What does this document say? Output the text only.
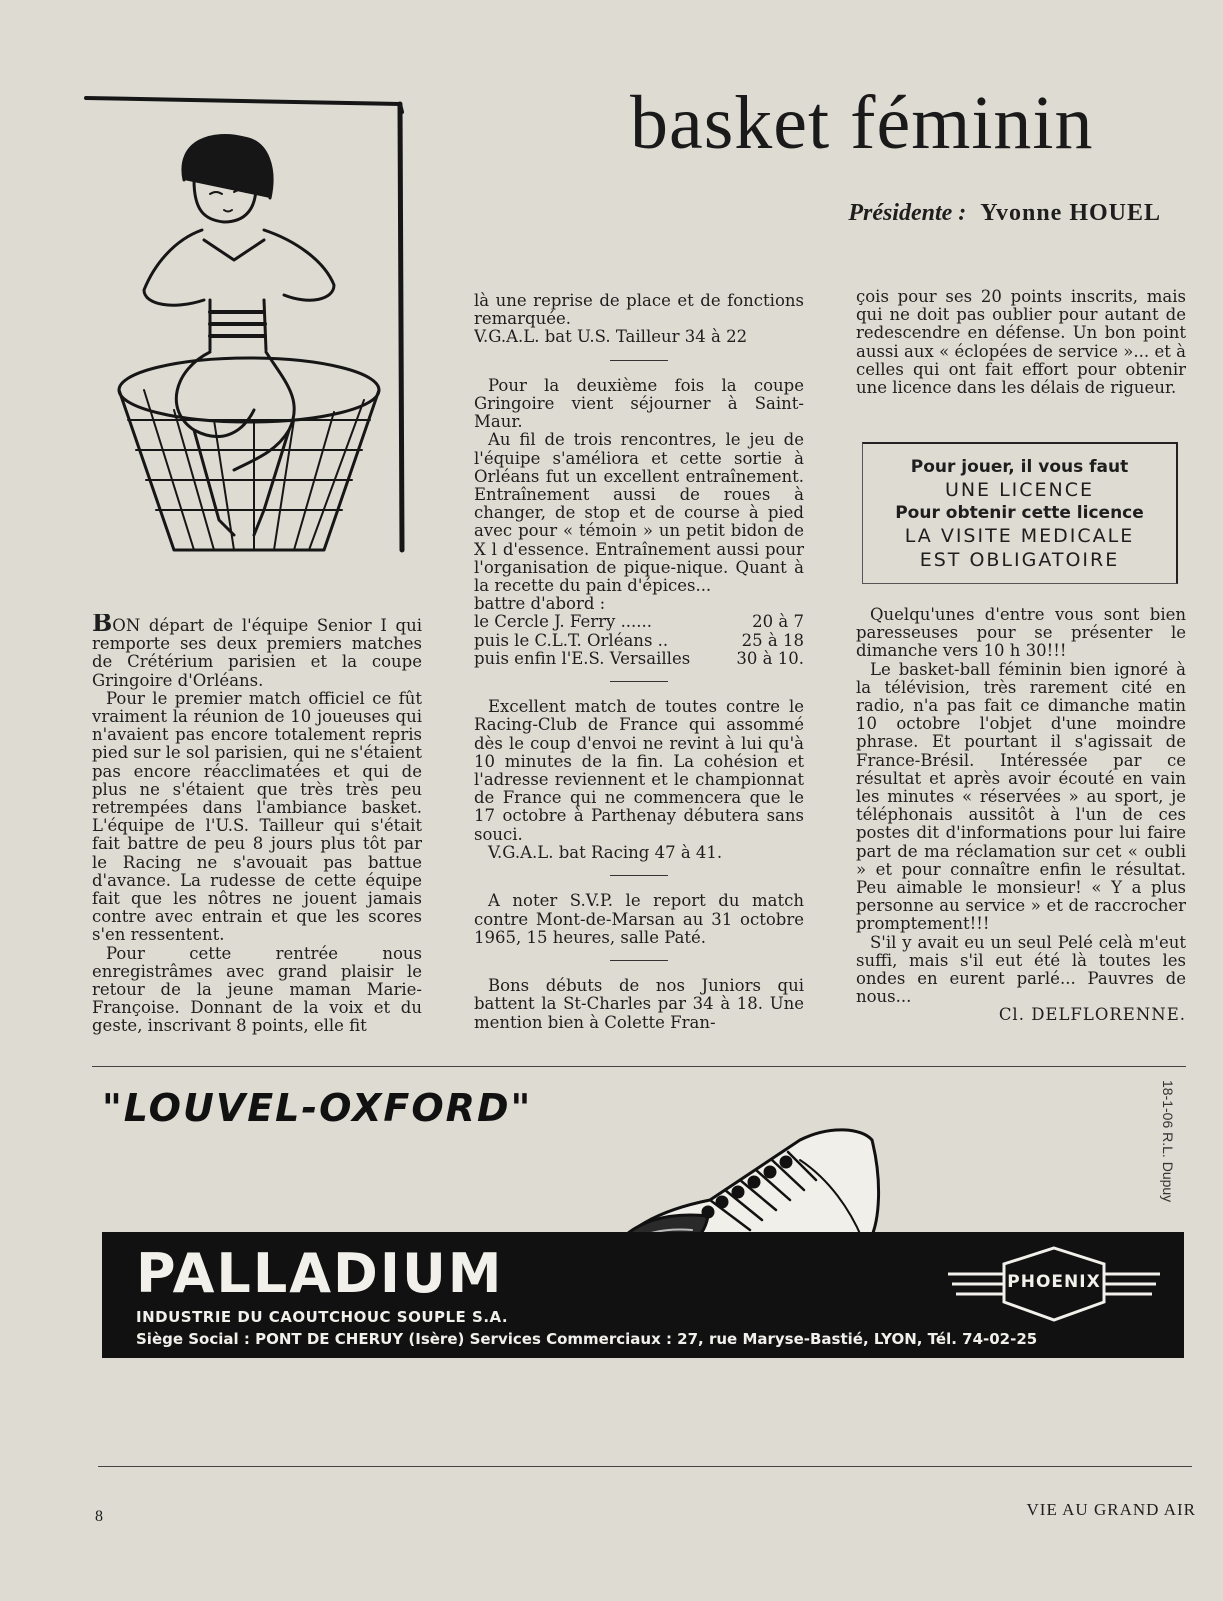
basket féminin
Présidente : Yvonne HOUEL

BON départ de l'équipe Senior I qui remporte ses deux premiers matches de Crétérium parisien et la coupe Gringoire d'Orléans.

Pour le premier match officiel ce fût vraiment la réunion de 10 joueuses qui n'avaient pas encore totalement repris pied sur le sol parisien, qui ne s'étaient pas encore réacclimatées et qui de plus ne s'étaient que très très peu retrempées dans l'ambiance basket. L'équipe de l'U.S. Tailleur qui s'était fait battre de peu 8 jours plus tôt par le Racing ne s'avouait pas battue d'avance. La rudesse de cette équipe fait que les nôtres ne jouent jamais contre avec entrain et que les scores s'en ressentent.

Pour cette rentrée nous enregistrâmes avec grand plaisir le retour de la jeune maman Marie-Françoise. Donnant de la voix et du geste, inscrivant 8 points, elle fit

là une reprise de place et de fonctions remarquée.

V.G.A.L. bat U.S. Tailleur 34 à 22

Pour la deuxième fois la coupe Gringoire vient séjourner à Saint-Maur.

Au fil de trois rencontres, le jeu de l'équipe s'améliora et cette sortie à Orléans fut un excellent entraînement. Entraînement aussi de roues à changer, de stop et de course à pied avec pour « témoin » un petit bidon de X l d'essence. Entraînement aussi pour l'organisation de pique-nique. Quant à la recette du pain d'épices...

battre d'abord :

le Cercle J. Ferry ......	20 à 7
puis le C.L.T. Orléans ..	25 à 18
puis enfin l'E.S. Versailles	30 à 10.

Excellent match de toutes contre le Racing-Club de France qui assommé dès le coup d'envoi ne revint à lui qu'à 10 minutes de la fin. La cohésion et l'adresse reviennent et le championnat de France qui ne commencera que le 17 octobre à Parthenay débutera sans souci.

V.G.A.L. bat Racing 47 à 41.

A noter S.V.P. le report du match contre Mont-de-Marsan au 31 octobre 1965, 15 heures, salle Paté.

Bons débuts de nos Juniors qui battent la St-Charles par 34 à 18. Une mention bien à Colette Fran-

çois pour ses 20 points inscrits, mais qui ne doit pas oublier pour autant de redescendre en défense. Un bon point aussi aux « éclopées de service »... et à celles qui ont fait effort pour obtenir une licence dans les délais de rigueur.

Pour jouer, il vous faut
UNE LICENCE
Pour obtenir cette licence
LA VISITE MEDICALE
EST OBLIGATOIRE

Quelqu'unes d'entre vous sont bien paresseuses pour se présenter le dimanche vers 10 h 30!!!

Le basket-ball féminin bien ignoré à la télévision, très rarement cité en radio, n'a pas fait ce dimanche matin 10 octobre l'objet d'une moindre phrase. Et pourtant il s'agissait de France-Brésil. Intéressée par ce résultat et après avoir écouté en vain les minutes « réservées » au sport, je téléphonais aussitôt à l'un de ces postes dit d'informations pour lui faire part de ma réclamation sur cet « oubli » et pour connaître enfin le résultat. Peu aimable le monsieur! « Y a plus personne au service » et de raccrocher promptement!!!

S'il y avait eu un seul Pelé celà m'eut suffi, mais s'il eut été là toutes les ondes en eurent parlé... Pauvres de nous...

Cl. DELFLORENNE.

"LOUVEL-OXFORD"	18-1-06 R.L. Dupuy
PALLADIUM
INDUSTRIE DU CAOUTCHOUC SOUPLE S.A.
Siège Social : PONT DE CHERUY (Isère) Services Commerciaux : 27, rue Maryse-Bastié, LYON, Tél. 74-02-25
PHOENIX
8	VIE AU GRAND AIR
